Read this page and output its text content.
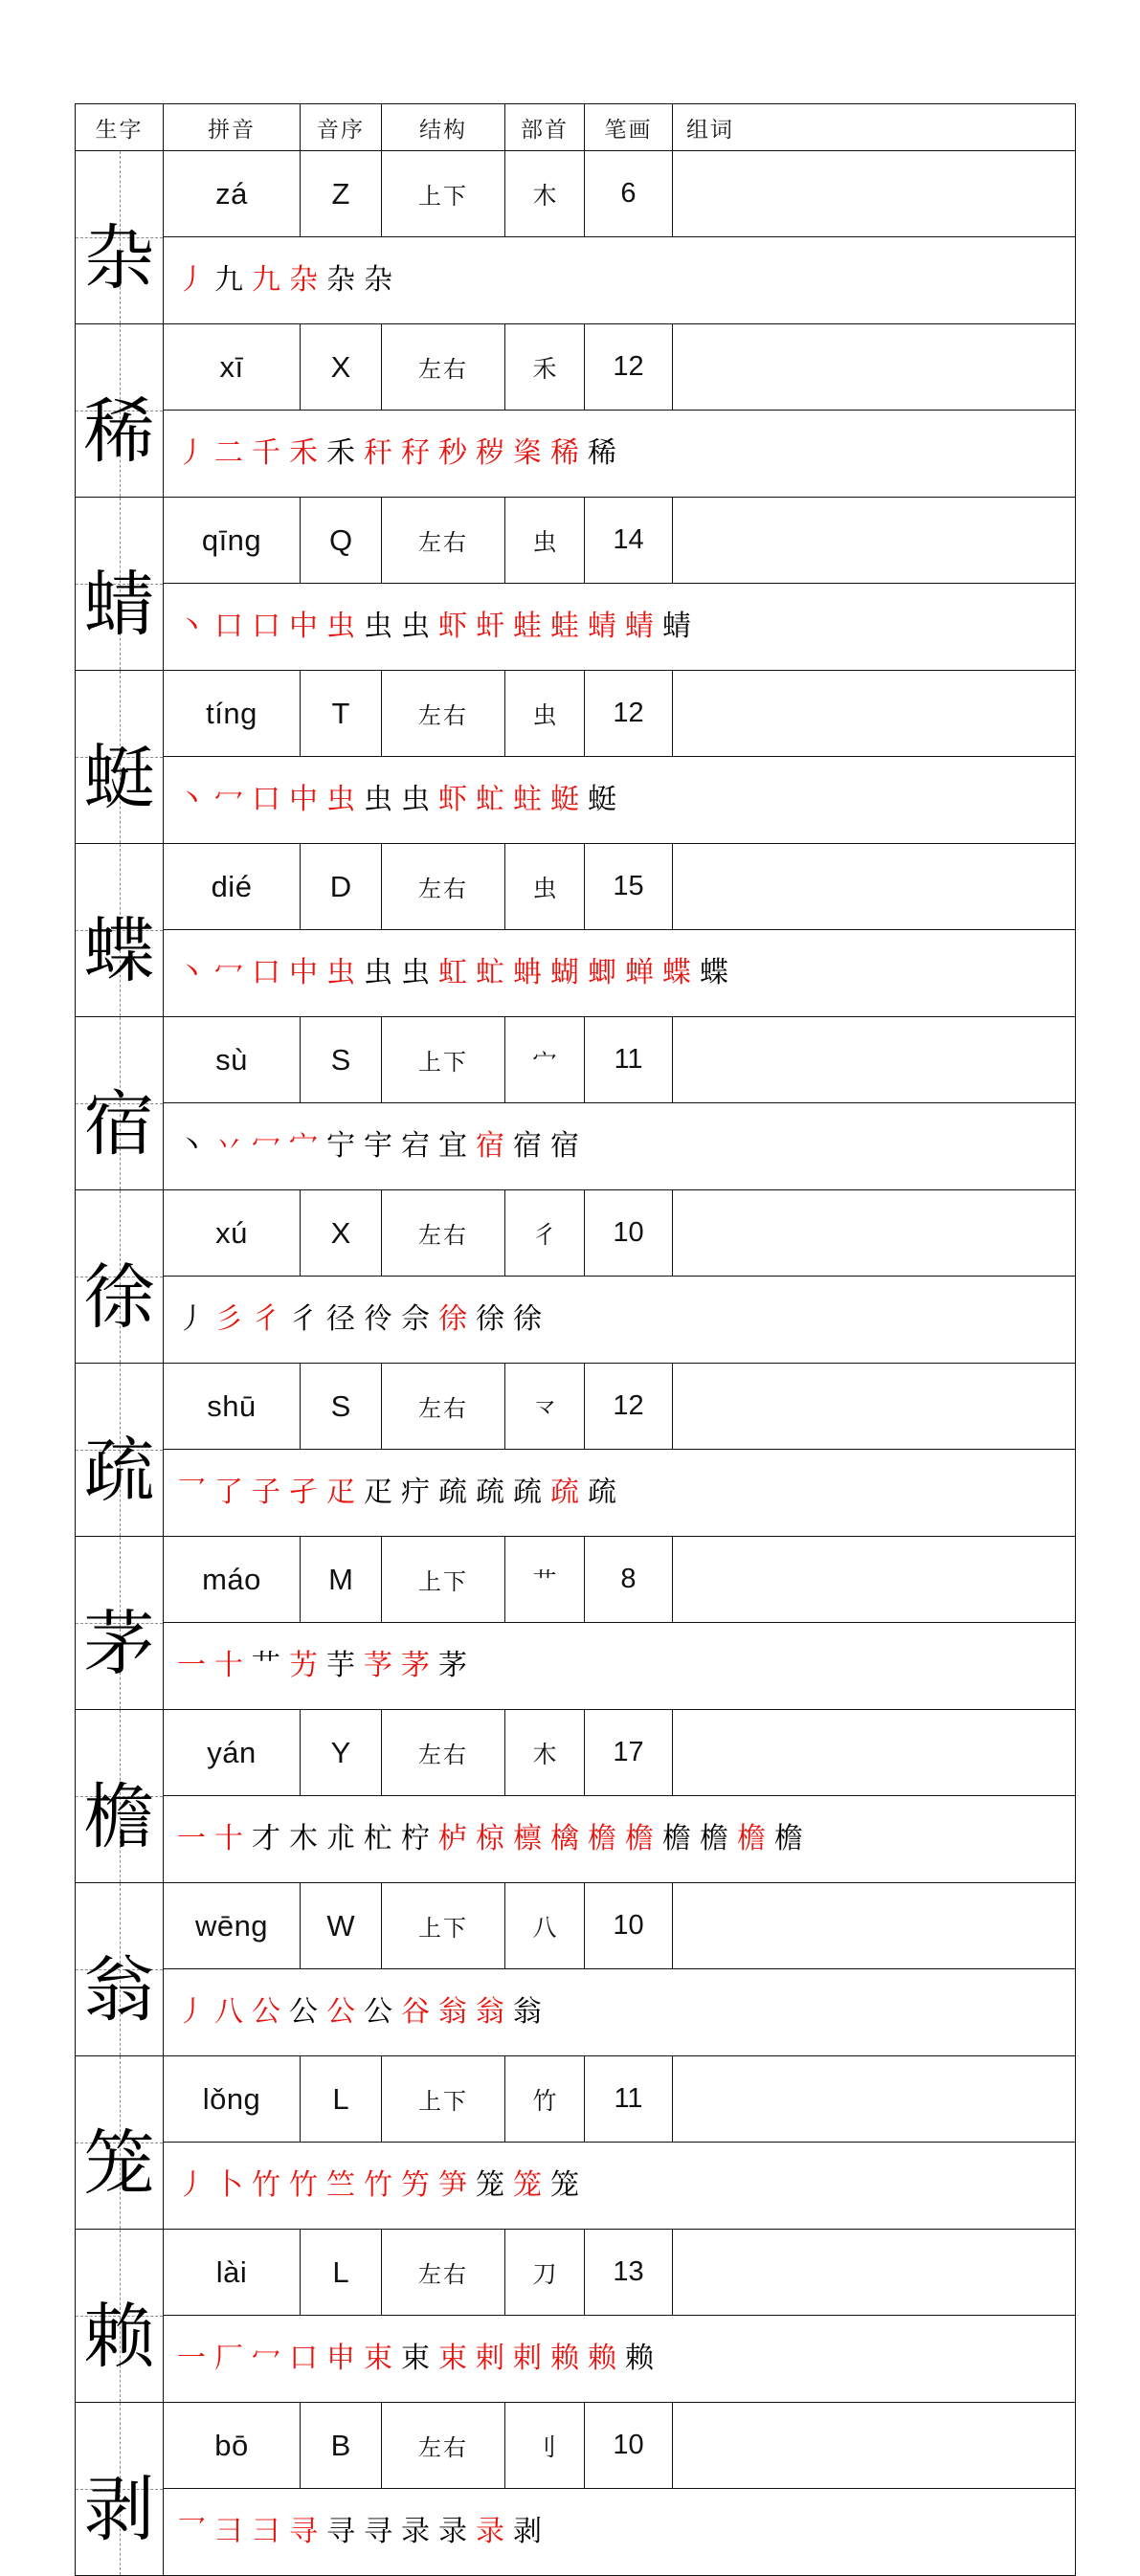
生字	拼音	音序	结构	部首	笔画	组词

杂	zá	Z	上下	木	6	

	丿九九杂杂杂					

稀	xī	X	左右	禾	12	

	丿二千禾禾秆秄秒秽秶稀稀					

蜻	qīng	Q	左右	虫	14	

	丶口口中虫虫虫虾虷蛙蛙蜻蜻蜻					

蜓	tíng	T	左右	虫	12	

	丶冖口中虫虫虫虾虻蛀蜓蜓					

蝶	dié	D	左右	虫	15	

	丶冖口中虫虫虫虹虻蚺蝴蝍蝉蝶蝶					

宿	sù	S	上下	宀	11	

	丶丷冖宀宁宇宕宜宿宿宿					

徐	xú	X	左右	彳	10	

	丿彡彳彳径彾佘徐徐徐					

疏	shū	S	左右	龴	12	

	乛了子孑疋疋疔疏疏疏疏疏					

茅	máo	M	上下	艹	8	

	一十艹艻芋芧茅茅					

檐	yán	Y	左右	木	17	

	一十才木朮杧柠栌椋檩檎檐檐檐檐檐檐					

翁	wēng	W	上下	八	10	

	丿八公公公公谷翁翁翁					

笼	lǒng	L	上下	竹	11	

	丿卜竹竹竺竹竻笋笼笼笼					

赖	lài	L	左右	刀	13	

	一厂冖口申束束束剌剌赖赖赖					

剥	bō	B	左右	刂	10	

	乛彐彐寻寻寻录录录剥					
